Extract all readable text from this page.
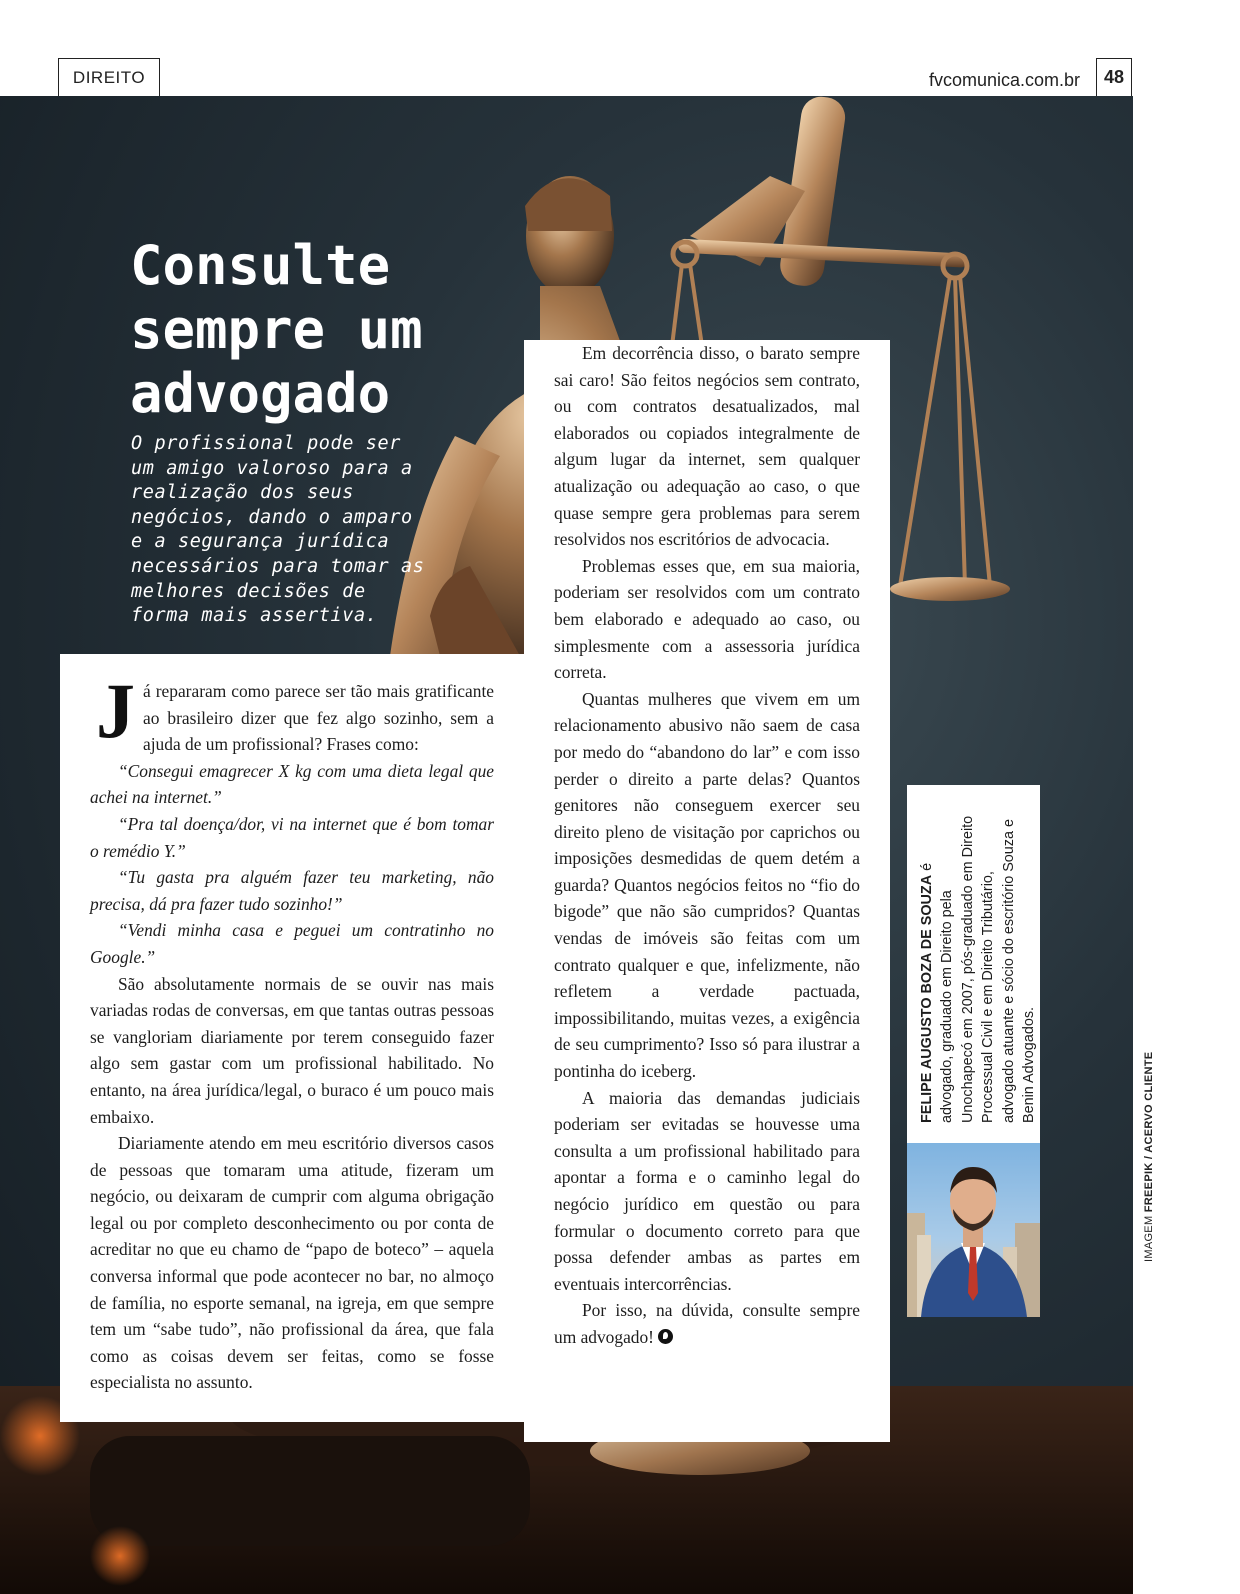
DIREITO	fvcomunica.com.br	48
Consulte
sempre um
advogado

O profissional pode ser um amigo valoroso para a realização dos seus negócios, dando o amparo e a segurança jurídica necessários para tomar as melhores decisões de forma mais assertiva.

Já repararam como parece ser tão mais gratificante ao brasileiro dizer que fez algo sozinho, sem a ajuda de um profissional? Frases como:

“Consegui emagrecer X kg com uma dieta legal que achei na internet.”

“Pra tal doença/dor, vi na internet que é bom tomar o remédio Y.”

“Tu gasta pra alguém fazer teu marketing, não precisa, dá pra fazer tudo sozinho!”

“Vendi minha casa e peguei um contratinho no Google.”

São absolutamente normais de se ouvir nas mais variadas rodas de conversas, em que tantas outras pessoas se vangloriam diariamente por terem conseguido fazer algo sem gastar com um profissional habilitado. No entanto, na área jurídica/legal, o buraco é um pouco mais embaixo.

Diariamente atendo em meu escritório diversos casos de pessoas que tomaram uma atitude, fizeram um negócio, ou deixaram de cumprir com alguma obrigação legal ou por completo desconhecimento ou por conta de acreditar no que eu chamo de “papo de boteco” – aquela conversa informal que pode acontecer no bar, no almoço de família, no esporte semanal, na igreja, em que sempre tem um “sabe tudo”, não profissional da área, que fala como as coisas devem ser feitas, como se fosse especialista no assunto.

Em decorrência disso, o barato sempre sai caro! São feitos negócios sem contrato, ou com contratos desatualizados, mal elaborados ou copiados integralmente de algum lugar da internet, sem qualquer atualização ou adequação ao caso, o que quase sempre gera problemas para serem resolvidos nos escritórios de advocacia.

Problemas esses que, em sua maioria, poderiam ser resolvidos com um contrato bem elaborado e adequado ao caso, ou simplesmente com a assessoria jurídica correta.

Quantas mulheres que vivem em um relacionamento abusivo não saem de casa por medo do “abandono do lar” e com isso perder o direito a parte delas? Quantos genitores não conseguem exercer seu direito pleno de visitação por caprichos ou imposições desmedidas de quem detém a guarda? Quantos negócios feitos no “fio do bigode” que não são cumpridos? Quantas vendas de imóveis são feitas com um contrato qualquer e que, infelizmente, não refletem a verdade pactuada, impossibilitando, muitas vezes, a exigência de seu cumprimento? Isso só para ilustrar a pontinha do iceberg.

A maioria das demandas judiciais poderiam ser evitadas se houvesse uma consulta a um profissional habilitado para apontar a forma e o caminho legal do negócio jurídico em questão ou para formular o documento correto para que possa defender ambas as partes em eventuais intercorrências.

Por isso, na dúvida, consulte sempre um advogado!

FELIPE AUGUSTO BOZA DE SOUZA é advogado, graduado em Direito pela Unochapecó em 2007, pós-graduado em Direito Processual Civil e em Direito Tributário, advogado atuante e sócio do escritório Souza e Benin Advogados.
IMAGEM FREEPIK / ACERVO CLIENTE
